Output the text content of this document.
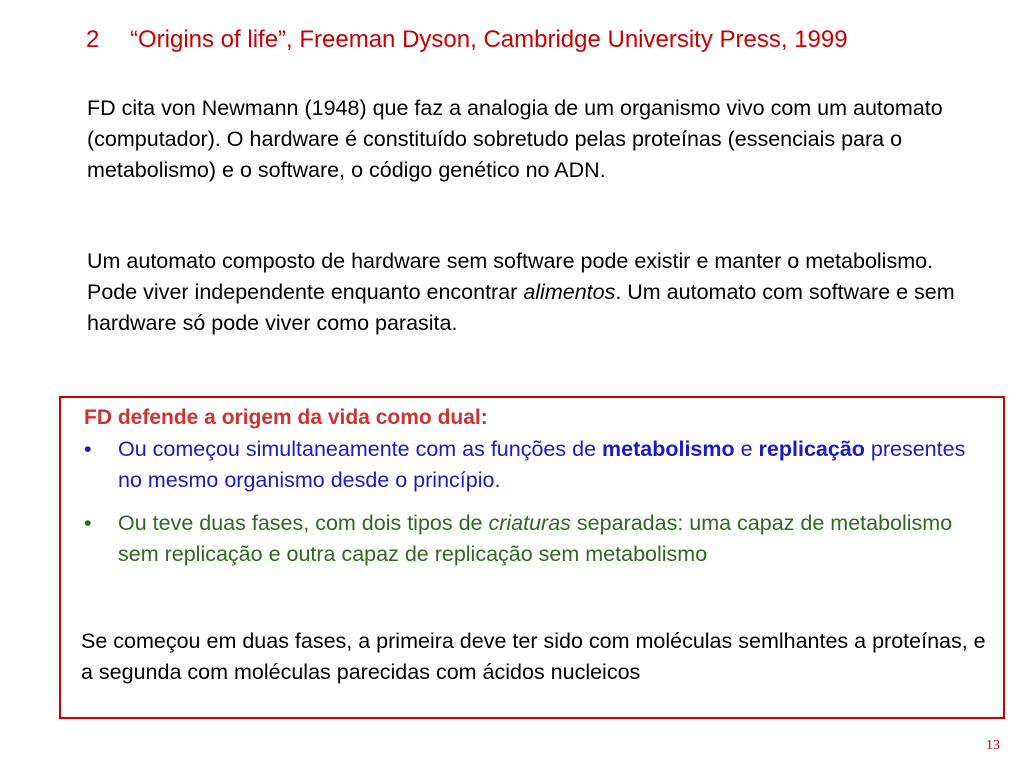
2 “Origins of life”, Freeman Dyson, Cambridge University Press, 1999

FD cita von Newmann (1948) que faz a analogia de um organismo vivo com um automato (computador). O hardware é constituído sobretudo pelas proteínas (essenciais para o metabolismo) e o software, o código genético no ADN.

Um automato composto de hardware sem software pode existir e manter o metabolismo. Pode viver independente enquanto encontrar alimentos. Um automato com software e sem hardware só pode viver como parasita.

FD defende a origem da vida como dual:

•	Ou começou simultaneamente com as funções de metabolismo e replicação presentes no mesmo organismo desde o princípio.
•	Ou teve duas fases, com dois tipos de criaturas separadas: uma capaz de metabolismo sem replicação e outra capaz de replicação sem metabolismo

Se começou em duas fases, a primeira deve ter sido com moléculas semlhantes a proteínas, e a segunda com moléculas parecidas com ácidos nucleicos

13
